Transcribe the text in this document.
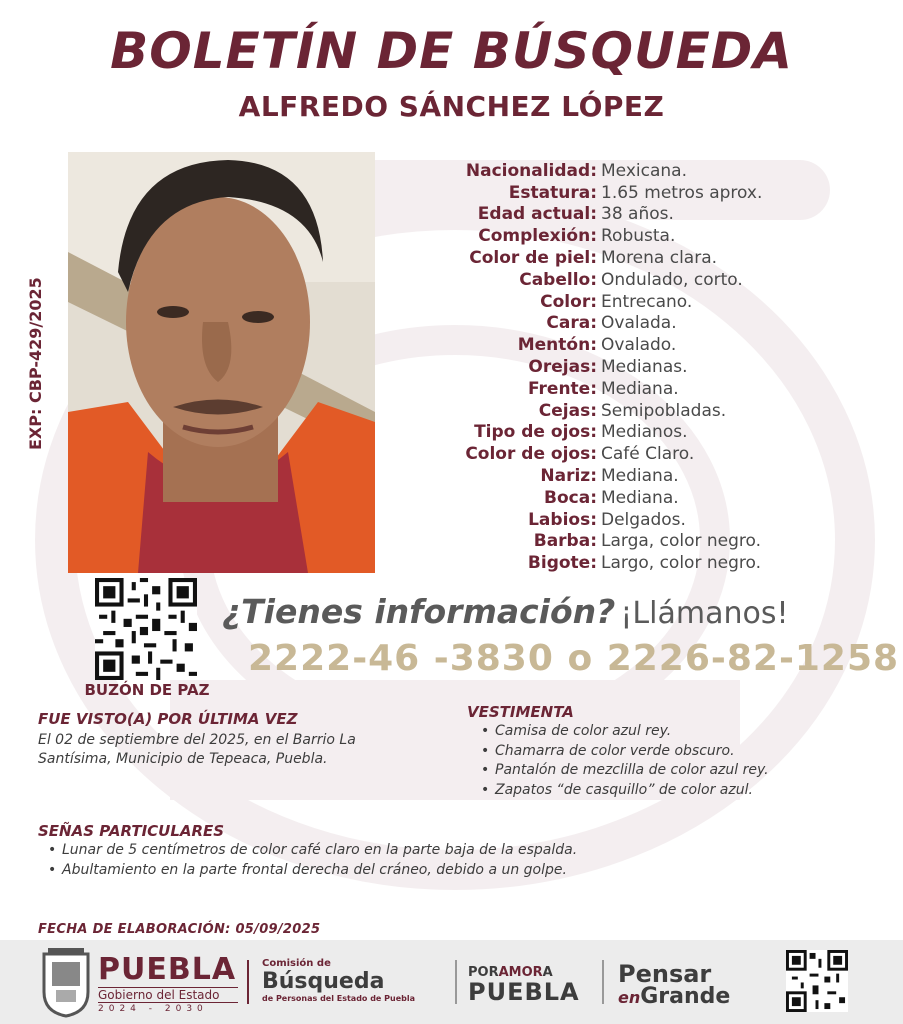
BOLETÍN DE BÚSQUEDA
ALFREDO SÁNCHEZ LÓPEZ
EXP: CBP-429/2025
Nacionalidad: Mexicana.
Estatura: 1.65 metros aprox.
Edad actual: 38 años.
Complexión: Robusta.
Color de piel: Morena clara.
Cabello: Ondulado, corto.
Color: Entrecano.
Cara: Ovalada.
Mentón: Ovalado.
Orejas: Medianas.
Frente: Mediana.
Cejas: Semipobladas.
Tipo de ojos: Medianos.
Color de ojos: Café Claro.
Nariz: Mediana.
Boca: Mediana.
Labios: Delgados.
Barba: Larga, color negro.
Bigote: Largo, color negro.
BUZÓN DE PAZ
¿Tienes información? ¡Llámanos!
2222-46 -3830 o 2226-82-1258
FUE VISTO(A) POR ÚLTIMA VEZ
El 02 de septiembre del 2025, en el Barrio La
Santísima, Municipio de Tepeaca, Puebla.
VESTIMENTA
• Camisa de color azul rey.
• Chamarra de color verde obscuro.
• Pantalón de mezclilla de color azul rey.
• Zapatos “de casquillo” de color azul.
SEÑAS PARTICULARES
• Lunar de 5 centímetros de color café claro en la parte baja de la espalda.
• Abultamiento en la parte frontal derecha del cráneo, debido a un golpe.
FECHA DE ELABORACIÓN: 05/09/2025
PUEBLA
Gobierno del Estado
2024 - 2030
Comisión de
Búsqueda
de Personas del Estado de Puebla
PORAMORA
PUEBLA
Pensar
enGrande
